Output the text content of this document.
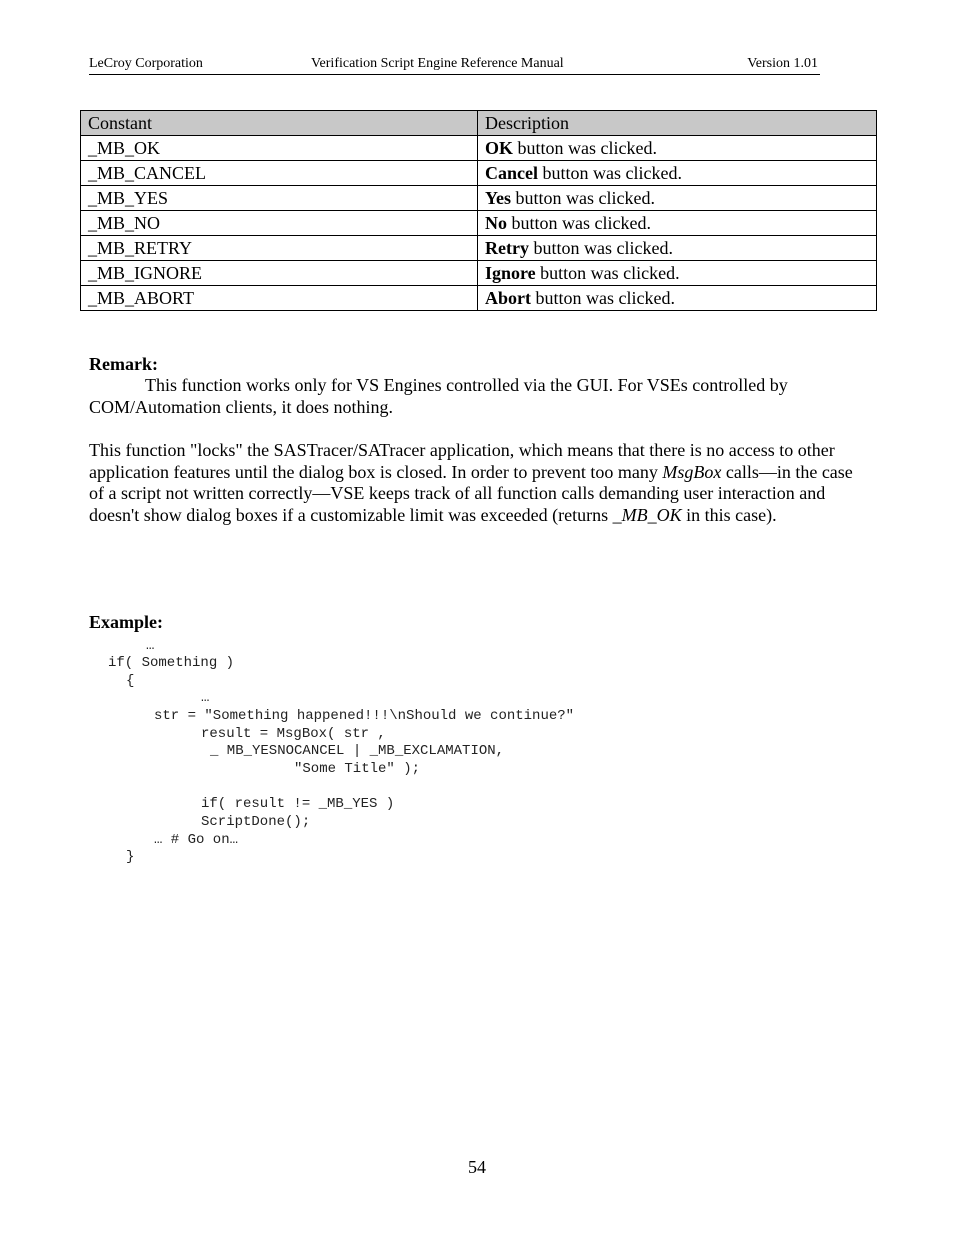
LeCroy Corporation	Verification Script Engine Reference Manual	Version 1.01
Constant	Description
_MB_OK	OK button was clicked.
_MB_CANCEL	Cancel button was clicked.
_MB_YES	Yes button was clicked.
_MB_NO	No button was clicked.
_MB_RETRY	Retry button was clicked.
_MB_IGNORE	Ignore button was clicked.
_MB_ABORT	Abort button was clicked.
Remark:
This function works only for VS Engines controlled via the GUI. For VSEs controlled by COM/Automation clients, it does nothing.
This function "locks" the SASTracer/SATracer application, which means that there is no access to other application features until the dialog box is closed. In order to prevent too many MsgBox calls—in the case of a script not written correctly—VSE keeps track of all function calls demanding user interaction and doesn't show dialog boxes if a customizable limit was exceeded (returns _MB_OK in this case).
Example:
…
if( Something )
{
…
str = "Something happened!!!\nShould we continue?"
result = MsgBox( str ,
_ MB_YESNOCANCEL | _MB_EXCLAMATION,
"Some Title" );
if( result != _MB_YES )
ScriptDone();
… # Go on…
}
54
